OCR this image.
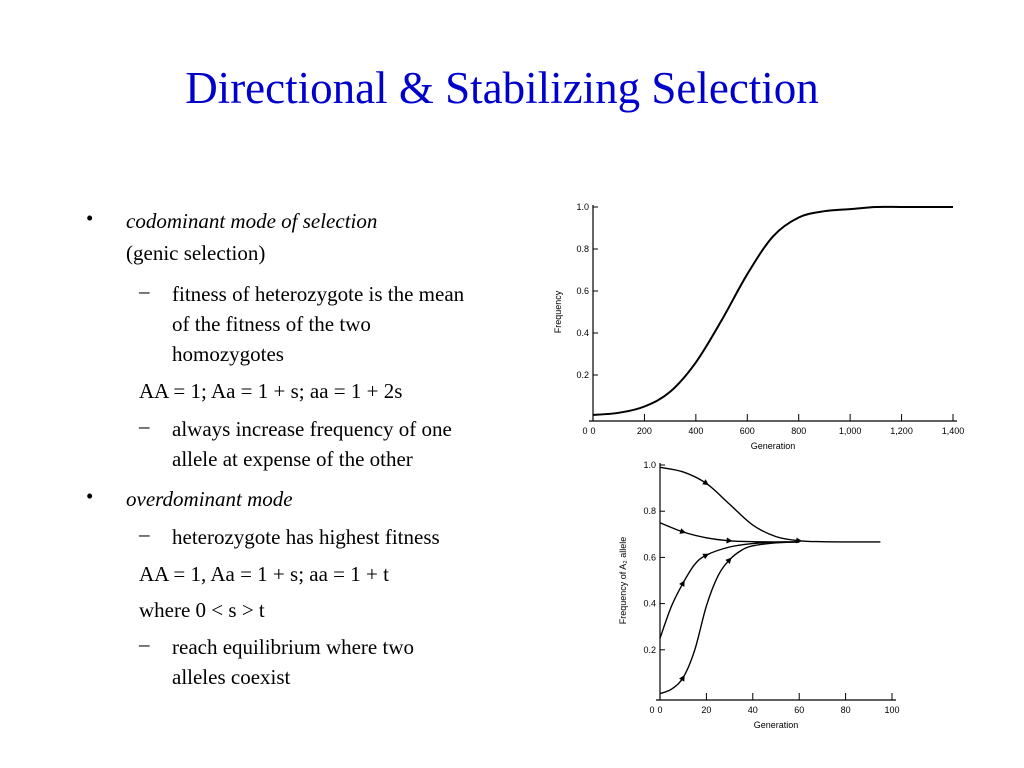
Directional & Stabilizing Selection
• codominant mode of selection
(genic selection)
– fitness of heterozygote is the mean
of the fitness of the two
homozygotes
AA = 1; Aa = 1 + s; aa = 1 + 2s
– always increase frequency of one
allele at expense of the other
• overdominant mode
– heterozygote has highest fitness
AA = 1, Aa = 1 + s; aa = 1 + t
where 0 < s > t
– reach equilibrium where two
alleles coexist
0	200	400	600	800	1,000	1,200	1,400
0.2
0.4
0.6
0.8
1.0
0
Generation
Frequency
0	20	40	60	80	100
0.2
0.4
0.6
0.8
1.0
0
Generation
Frequency of A₂ allele
